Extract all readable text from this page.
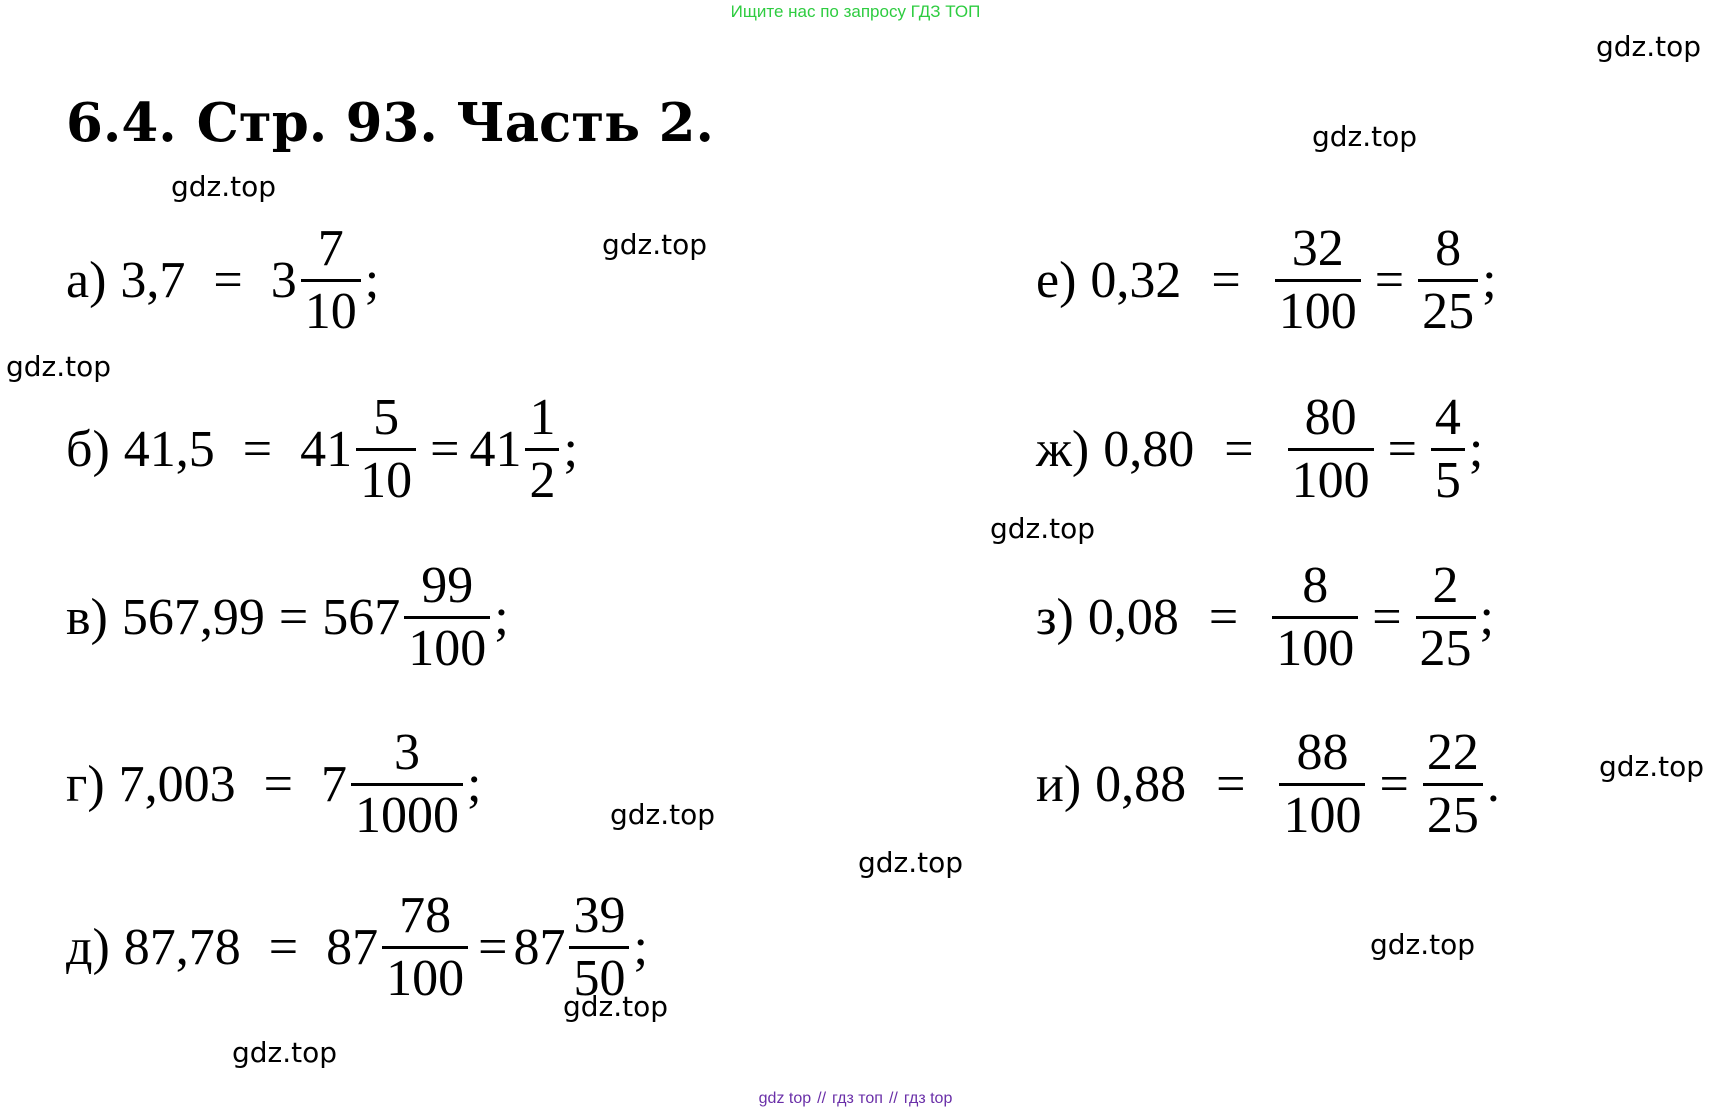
Ищите нас по запросу ГДЗ ТОП
6.4. Стр. 93. Часть 2.
gdz.top
gdz.top
gdz.top
gdz.top
gdz.top
gdz.top
gdz.top
gdz.top
gdz.top
gdz.top
gdz.top
gdz.top
а) $3,7 = 3 \frac{7}{10}$ ;
б) $41,5 = 41 \frac{5}{10} = 41 \frac{1}{2}$ ;
в) $567,99 = 567 \frac{99}{100}$ ;
г) $7,003 = 7 \frac{3}{1000}$ ;
д) $87,78 = 87 \frac{78}{100} = 87 \frac{39}{50}$ ;
е) $0,32 = \frac{32}{100} = \frac{8}{25}$ ;
ж) $0,80 = \frac{80}{100} = \frac{4}{5}$ ;
з) $0,08 = \frac{8}{100} = \frac{2}{25}$ ;
и) $0,88 = \frac{88}{100} = \frac{22}{25}$ .
gdz top // гдз топ // гдз top
